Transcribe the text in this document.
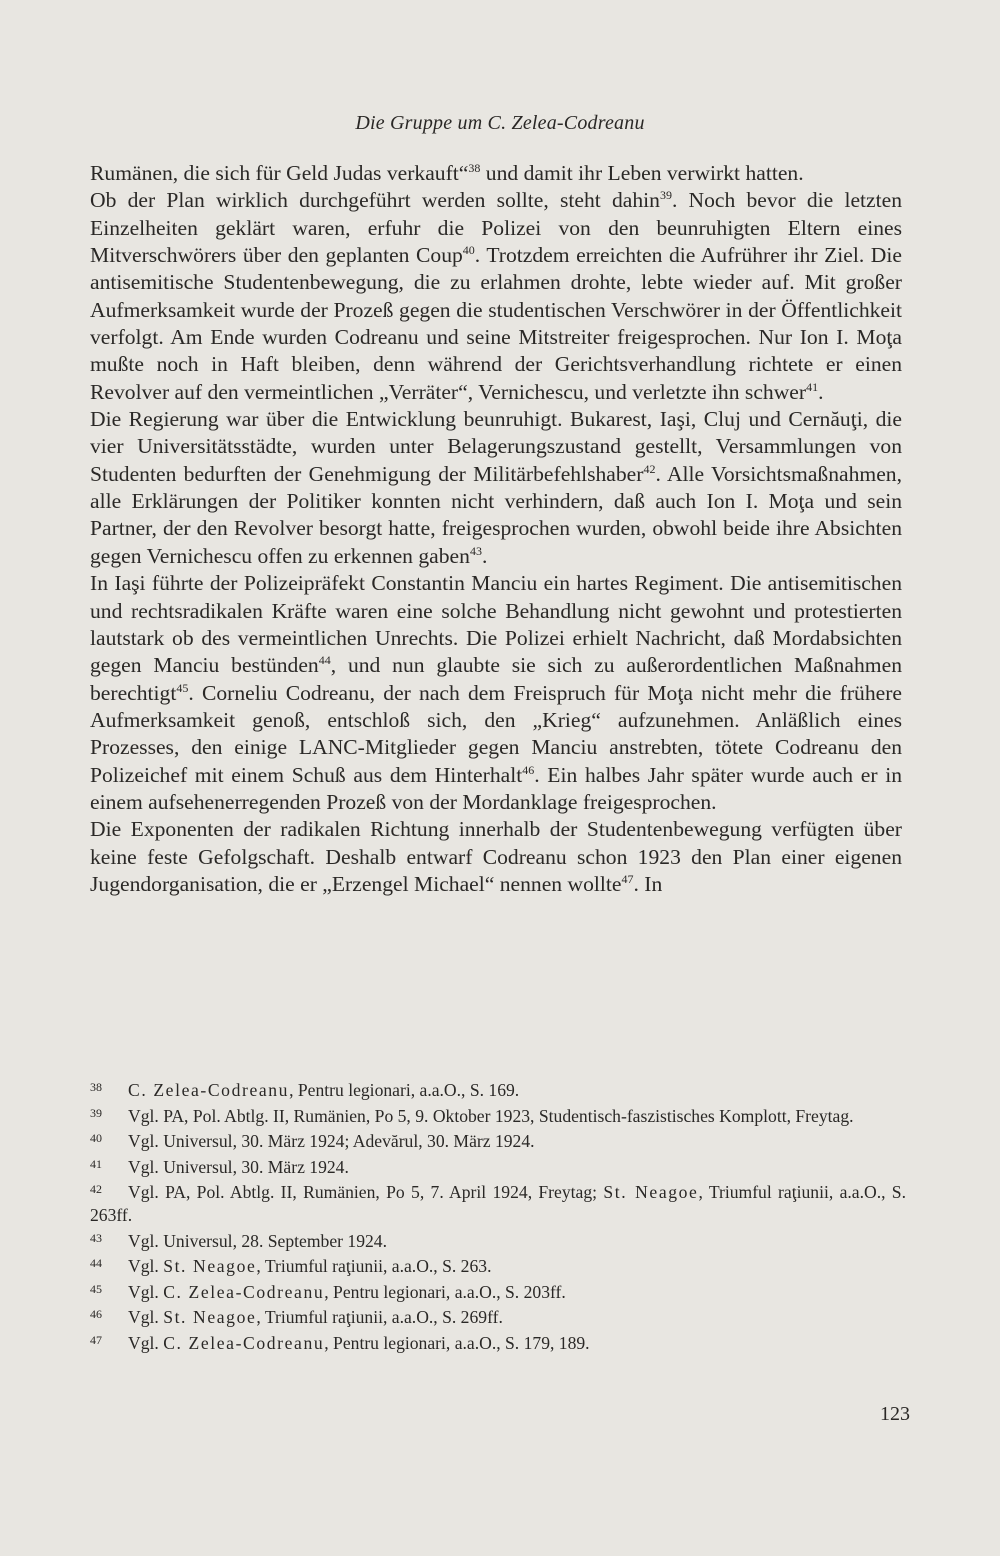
Die Gruppe um C. Zelea-Codreanu

Rumänen, die sich für Geld Judas verkauft“$^{38}$ und damit ihr Leben verwirkt hatten.

Ob der Plan wirklich durchgeführt werden sollte, steht dahin$^{39}$. Noch bevor die letzten Einzelheiten geklärt waren, erfuhr die Polizei von den beunruhigten Eltern eines Mitverschwörers über den geplanten Coup$^{40}$. Trotzdem erreichten die Aufrührer ihr Ziel. Die antisemitische Studentenbewegung, die zu erlahmen drohte, lebte wieder auf. Mit großer Aufmerksamkeit wurde der Prozeß gegen die studentischen Verschwörer in der Öffentlichkeit verfolgt. Am Ende wurden Codreanu und seine Mitstreiter freigesprochen. Nur Ion I. Moţa mußte noch in Haft bleiben, denn während der Gerichtsverhandlung richtete er einen Revolver auf den vermeintlichen „Verräter“, Vernichescu, und verletzte ihn schwer$^{41}$.

Die Regierung war über die Entwicklung beunruhigt. Bukarest, Iaşi, Cluj und Cernăuţi, die vier Universitätsstädte, wurden unter Belagerungszustand gestellt, Versammlungen von Studenten bedurften der Genehmigung der Militärbefehlshaber$^{42}$. Alle Vorsichtsmaßnahmen, alle Erklärungen der Politiker konnten nicht verhindern, daß auch Ion I. Moţa und sein Partner, der den Revolver besorgt hatte, freigesprochen wurden, obwohl beide ihre Absichten gegen Vernichescu offen zu erkennen gaben$^{43}$.

In Iaşi führte der Polizeipräfekt Constantin Manciu ein hartes Regiment. Die antisemitischen und rechtsradikalen Kräfte waren eine solche Behandlung nicht gewohnt und protestierten lautstark ob des vermeintlichen Unrechts. Die Polizei erhielt Nachricht, daß Mordabsichten gegen Manciu bestünden$^{44}$, und nun glaubte sie sich zu außerordentlichen Maßnahmen berechtigt$^{45}$. Corneliu Codreanu, der nach dem Freispruch für Moţa nicht mehr die frühere Aufmerksamkeit genoß, entschloß sich, den „Krieg“ aufzunehmen. Anläßlich eines Prozesses, den einige LANC-Mitglieder gegen Manciu anstrebten, tötete Codreanu den Polizeichef mit einem Schuß aus dem Hinterhalt$^{46}$. Ein halbes Jahr später wurde auch er in einem aufsehenerregenden Prozeß von der Mordanklage freigesprochen.

Die Exponenten der radikalen Richtung innerhalb der Studentenbewegung verfügten über keine feste Gefolgschaft. Deshalb entwarf Codreanu schon 1923 den Plan einer eigenen Jugendorganisation, die er „Erzengel Michael“ nennen wollte$^{47}$. In

38 C. Zelea-Codreanu, Pentru legionari, a.a.O., S. 169.

39 Vgl. PA, Pol. Abtlg. II, Rumänien, Po 5, 9. Oktober 1923, Studentisch-faszistisches Komplott, Freytag.

40 Vgl. Universul, 30. März 1924; Adevărul, 30. März 1924.

41 Vgl. Universul, 30. März 1924.

42 Vgl. PA, Pol. Abtlg. II, Rumänien, Po 5, 7. April 1924, Freytag; St. Neagoe, Triumful raţiunii, a.a.O., S. 263ff.

43 Vgl. Universul, 28. September 1924.

44 Vgl. St. Neagoe, Triumful raţiunii, a.a.O., S. 263.

45 Vgl. C. Zelea-Codreanu, Pentru legionari, a.a.O., S. 203ff.

46 Vgl. St. Neagoe, Triumful raţiunii, a.a.O., S. 269ff.

47 Vgl. C. Zelea-Codreanu, Pentru legionari, a.a.O., S. 179, 189.

123
